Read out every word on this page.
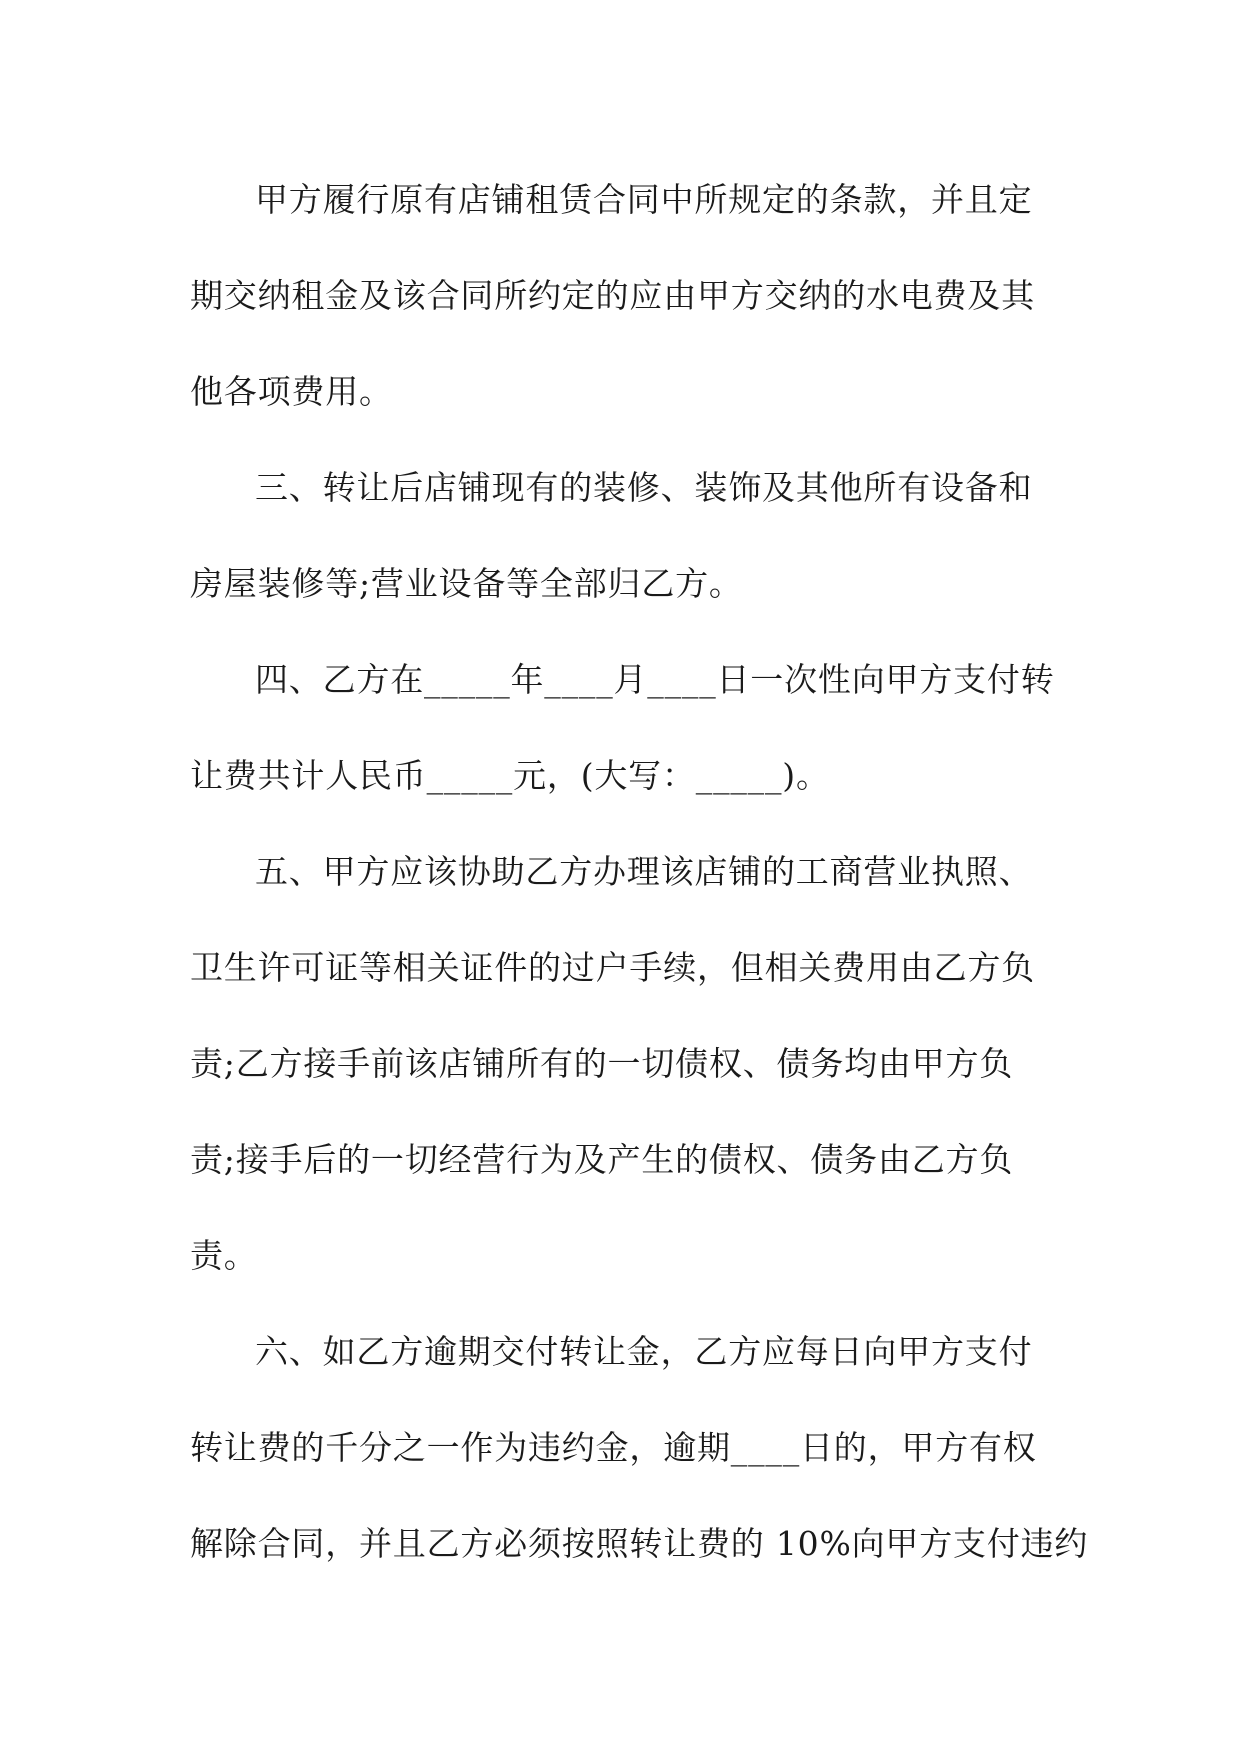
甲方履行原有店铺租赁合同中所规定的条款，并且定
期交纳租金及该合同所约定的应由甲方交纳的水电费及其
他各项费用。
三、转让后店铺现有的装修、装饰及其他所有设备和
房屋装修等;营业设备等全部归乙方。
四、乙方在_____年____月____日一次性向甲方支付转
让费共计人民币_____元，(大写：_____)。
五、甲方应该协助乙方办理该店铺的工商营业执照、
卫生许可证等相关证件的过户手续，但相关费用由乙方负
责;乙方接手前该店铺所有的一切债权、债务均由甲方负
责;接手后的一切经营行为及产生的债权、债务由乙方负
责。
六、如乙方逾期交付转让金，乙方应每日向甲方支付
转让费的千分之一作为违约金，逾期____日的，甲方有权
解除合同，并且乙方必须按照转让费的 10%向甲方支付违约
